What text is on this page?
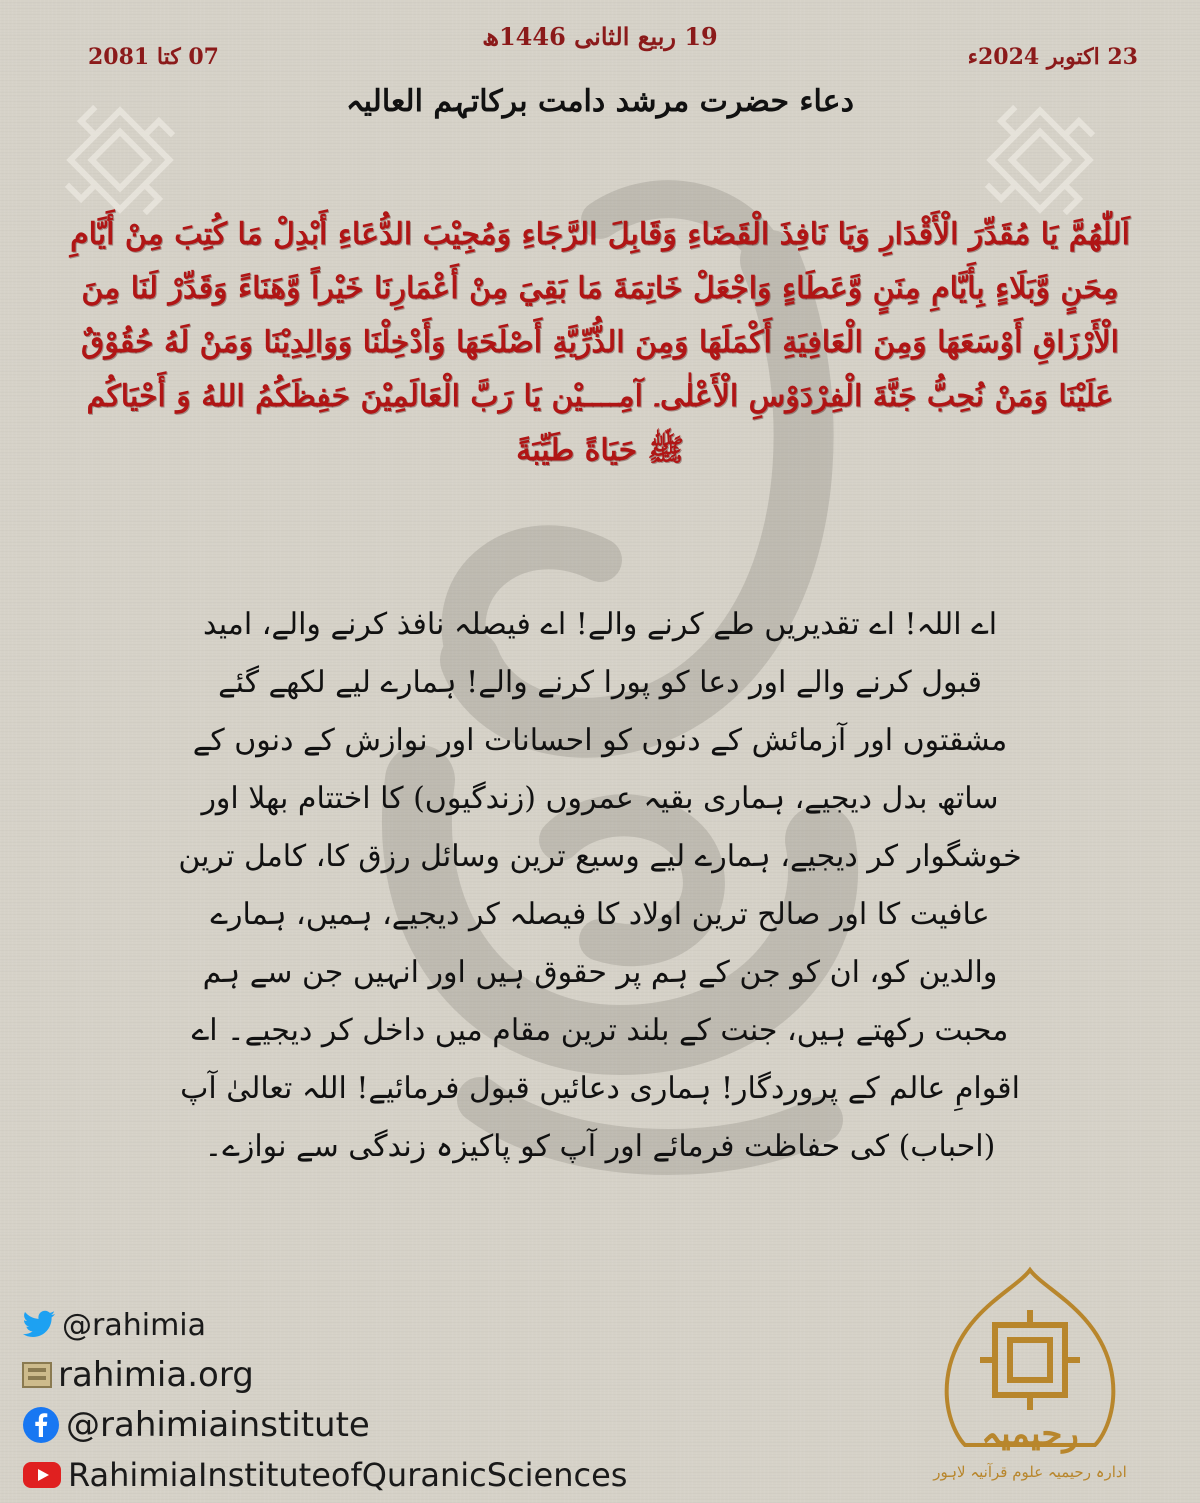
19 ربیع الثانی 1446ھ
23 اکتوبر 2024ء
07 کتا 2081
دعاء حضرت مرشد دامت برکاتہم العالیہ
اَللّٰهُمَّ يَا مُقَدِّرَ الْأَقْدَارِ وَيَا نَافِذَ الْقَضَاءِ وَقَابِلَ الرَّجَاءِ وَمُجِيْبَ الدُّعَاءِ أَبْدِلْ مَا كُتِبَ مِنْ أَيَّامِ مِحَنٍ وَّبَلَاءٍ بِأَيَّامِ مِنَنٍ وَّعَطَاءٍ وَاجْعَلْ خَاتِمَةَ مَا بَقِيَ مِنْ أَعْمَارِنَا خَيْراً وَّهَنَاءً وَقَدِّرْ لَنَا مِنَ الْأَرْزَاقِ أَوْسَعَهَا وَمِنَ الْعَافِيَةِ أَكْمَلَهَا وَمِنَ الذُّرِّيَّةِ أَصْلَحَهَا وَأَدْخِلْنَا وَوَالِدِيْنَا وَمَنْ لَهُ حُقُوْقٌ عَلَيْنَا وَمَنْ نُحِبُّ جَنَّةَ الْفِرْدَوْسِ الْأَعْلٰى۔ آمِــــيْن يَا رَبَّ الْعَالَمِيْنَ حَفِظَكُمُ اللهُ وَ أَحْيَاكُم ﷺ حَيَاةً طَيِّبَةً
اے اللہ! اے تقدیریں طے کرنے والے! اے فیصلہ نافذ کرنے والے، امید قبول کرنے والے اور دعا کو پورا کرنے والے! ہمارے لیے لکھے گئے مشقتوں اور آزمائش کے دنوں کو احسانات اور نوازش کے دنوں کے ساتھ بدل دیجیے، ہماری بقیہ عمروں (زندگیوں) کا اختتام بھلا اور خوشگوار کر دیجیے، ہمارے لیے وسیع ترین وسائل رزق کا، کامل ترین عافیت کا اور صالح ترین اولاد کا فیصلہ کر دیجیے، ہمیں، ہمارے والدین کو، ان کو جن کے ہم پر حقوق ہیں اور انہیں جن سے ہم محبت رکھتے ہیں، جنت کے بلند ترین مقام میں داخل کر دیجیے۔ اے اقوامِ عالم کے پروردگار! ہماری دعائیں قبول فرمائیے! اللہ تعالیٰ آپ (احباب) کی حفاظت فرمائے اور آپ کو پاکیزہ زندگی سے نوازے۔
@rahimia
rahimia.org
@rahimiainstitute
RahimiaInstituteofQuranicSciences
رحیمیہ
ادارہ رحیمیہ علوم قرآنیہ لاہور
